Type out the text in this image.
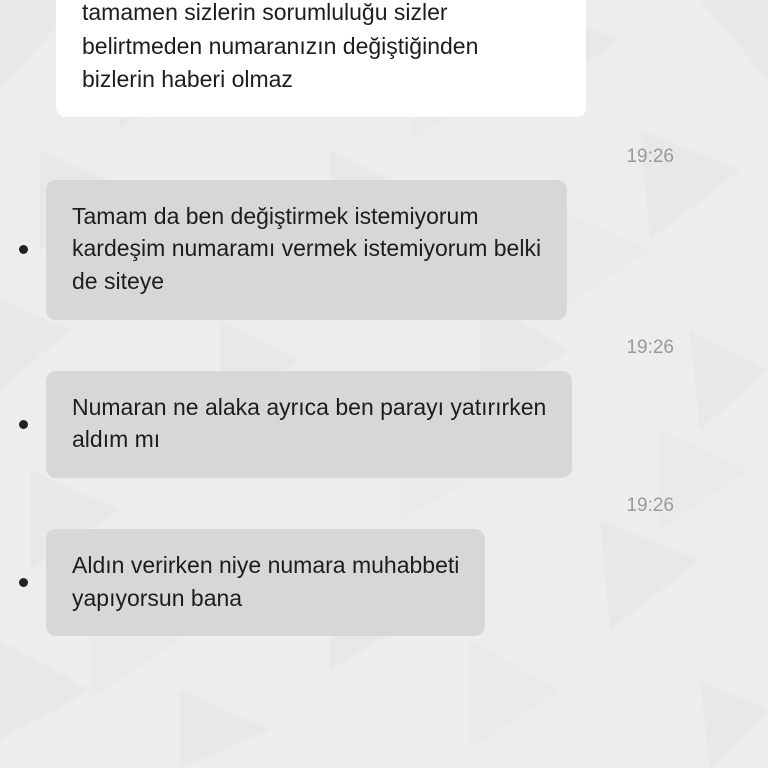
tamamen sizlerin sorumluluğu sizler

belirtmeden numaranızın değiştiğinden

bizlerin haberi olmaz

19:26
Tamam da ben değiştirmek istemiyorum
kardeşim numaramı vermek istemiyorum belki
de siteye
19:26
Numaran ne alaka ayrıca ben parayı yatırırken
aldım mı
19:26
Aldın verirken niye numara muhabbeti
yapıyorsun bana
